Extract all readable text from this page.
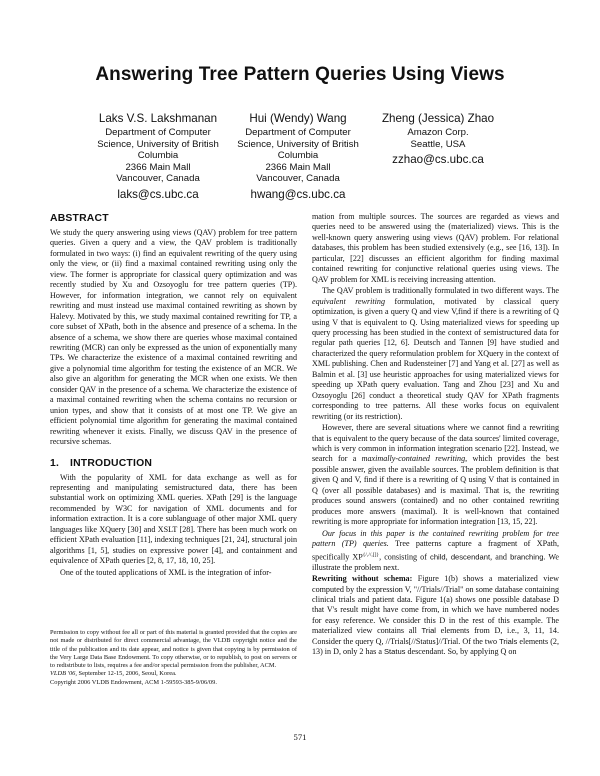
Answering Tree Pattern Queries Using Views
Laks V.S. Lakshmanan
Department of Computer
Science, University of British
Columbia
2366 Main Mall
Vancouver, Canada
laks@cs.ubc.ca
Hui (Wendy) Wang
Department of Computer
Science, University of British
Columbia
2366 Main Mall
Vancouver, Canada
hwang@cs.ubc.ca
Zheng (Jessica) Zhao
Amazon Corp.
Seattle, USA
zzhao@cs.ubc.ca
ABSTRACT

We study the query answering using views (QAV) problem for tree pattern queries. Given a query and a view, the QAV problem is traditionally formulated in two ways: (i) find an equivalent rewriting of the query using only the view, or (ii) find a maximal contained rewriting using only the view. The former is appropriate for classical query optimization and was recently studied by Xu and Ozsoyoglu for tree pattern queries (TP). However, for information integration, we cannot rely on equivalent rewriting and must instead use maximal contained rewriting as shown by Halevy. Motivated by this, we study maximal contained rewriting for TP, a core subset of XPath, both in the absence and presence of a schema. In the absence of a schema, we show there are queries whose maximal contained rewriting (MCR) can only be expressed as the union of exponentially many TPs. We characterize the existence of a maximal contained rewriting and give a polynomial time algorithm for testing the existence of an MCR. We also give an algorithm for generating the MCR when one exists. We then consider QAV in the presence of a schema. We characterize the existence of a maximal contained rewriting when the schema contains no recursion or union types, and show that it consists of at most one TP. We give an efficient polynomial time algorithm for generating the maximal contained rewriting whenever it exists. Finally, we discuss QAV in the presence of recursive schemas.

1. INTRODUCTION

With the popularity of XML for data exchange as well as for representing and manipulating semistructured data, there has been substantial work on optimizing XML queries. XPath [29] is the language recommended by W3C for navigation of XML documents and for information extraction. It is a core sublanguage of other major XML query languages like XQuery [30] and XSLT [28]. There has been much work on efficient XPath evaluation [11], indexing techniques [21, 24], structural join algorithms [1, 5], studies on expressive power [4], and containment and equivalence of XPath queries [2, 8, 17, 18, 10, 25].

One of the touted applications of XML is the integration of infor-

mation from multiple sources. The sources are regarded as views and queries need to be answered using the (materialized) views. This is the well-known query answering using views (QAV) problem. For relational databases, this problem has been studied extensively (e.g., see [16, 13]). In particular, [22] discusses an efficient algorithm for finding maximal contained rewriting for conjunctive relational queries using views. The QAV problem for XML is receiving increasing attention.

The QAV problem is traditionally formulated in two different ways. The equivalent rewriting formulation, motivated by classical query optimization, is given a query Q and view V,find if there is a rewriting of Q using V that is equivalent to Q. Using materialized views for speeding up query processing has been studied in the context of semistructured data for regular path queries [12, 6]. Deutsch and Tannen [9] have studied and characterized the query reformulation problem for XQuery in the context of XML publishing. Chen and Rudensteiner [7] and Yang et al. [27] as well as Balmin et al. [3] use heuristic approaches for using materialized views for speeding up XPath query evaluation. Tang and Zhou [23] and Xu and Ozsoyoglu [26] conduct a theoretical study QAV for XPath fragments corresponding to tree patterns. All these works focus on equivalent rewriting (or its restriction).

However, there are several situations where we cannot find a rewriting that is equivalent to the query because of the data sources' limited coverage, which is very common in information integration scenario [22]. Instead, we search for a maximally-contained rewriting, which provides the best possible answer, given the available sources. The problem definition is that given Q and V, find if there is a rewriting of Q using V that is contained in Q (over all possible databases) and is maximal. That is, the rewriting produces sound answers (contained) and no other contained rewriting produces more answers (maximal). It is well-known that contained rewriting is more appropriate for information integration [13, 15, 22].

Our focus in this paper is the contained rewriting problem for tree pattern (TP) queries. Tree patterns capture a fragment of XPath, specifically XP{/,//,[]}, consisting of child, descendant, and branching. We illustrate the problem next.

Rewriting without schema: Figure 1(b) shows a materialized view computed by the expression V, "//Trials//Trial" on some database containing clinical trials and patient data. Figure 1(a) shows one possible database D that V's result might have come from, in which we have numbered nodes for easy reference. We consider this D in the rest of this example. The materialized view contains all Trial elements from D, i.e., 3, 11, 14. Consider the query Q, //Trials[//Status]//Trial. Of the two Trials elements (2, 13) in D, only 2 has a Status descendant. So, by applying Q on

Permission to copy without fee all or part of this material is granted provided that the copies are not made or distributed for direct commercial advantage, the VLDB copyright notice and the title of the publication and its date appear, and notice is given that copying is by permission of the Very Large Data Base Endowment. To copy otherwise, or to republish, to post on servers or to redistribute to lists, requires a fee and/or special permission from the publisher, ACM.

VLDB '06, September 12-15, 2006, Seoul, Korea.

Copyright 2006 VLDB Endowment, ACM 1-59593-385-9/06/09.

571
